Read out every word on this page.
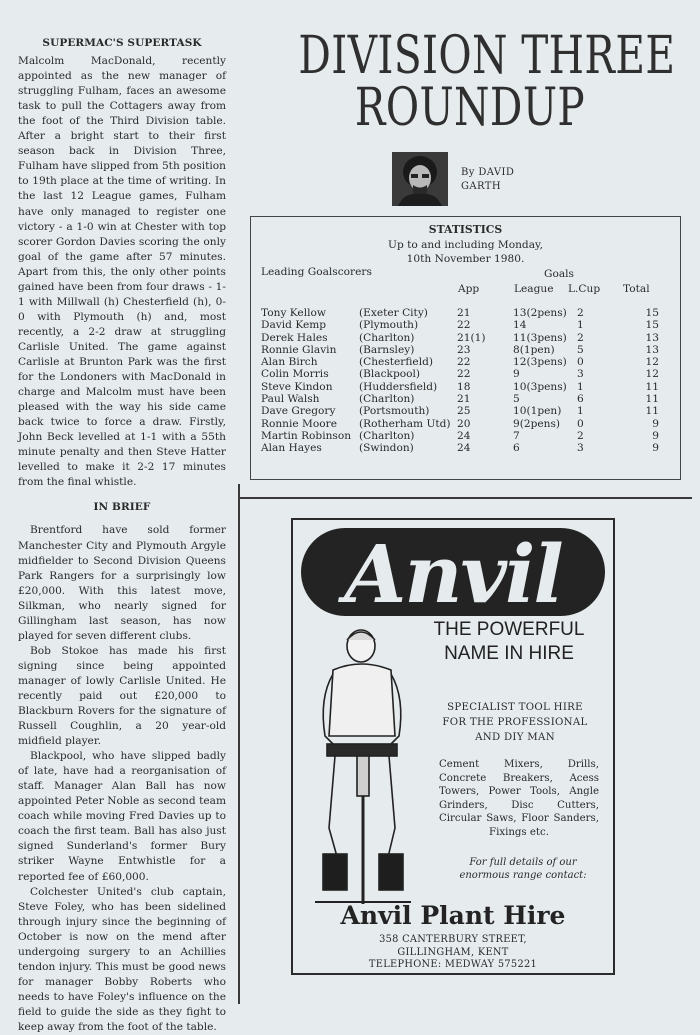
SUPERMAC'S SUPERTASK

Malcolm MacDonald, recently appointed as the new manager of struggling Fulham, faces an awesome task to pull the Cottagers away from the foot of the Third Division table. After a bright start to their first season back in Division Three, Fulham have slipped from 5th position to 19th place at the time of writing. In the last 12 League games, Fulham have only managed to register one victory - a 1-0 win at Chester with top scorer Gordon Davies scoring the only goal of the game after 57 minutes. Apart from this, the only other points gained have been from four draws - 1-1 with Millwall (h) Chesterfield (h), 0-0 with Plymouth (h) and, most recently, a 2-2 draw at struggling Carlisle United. The game against Carlisle at Brunton Park was the first for the Londoners with MacDonald in charge and Malcolm must have been pleased with the way his side came back twice to force a draw. Firstly, John Beck levelled at 1-1 with a 55th minute penalty and then Steve Hatter levelled to make it 2-2 17 minutes from the final whistle.

IN BRIEF

Brentford have sold former Manchester City and Plymouth Argyle midfielder to Second Division Queens Park Rangers for a surprisingly low £20,000. With this latest move, Silkman, who nearly signed for Gillingham last season, has now played for seven different clubs.

Bob Stokoe has made his first signing since being appointed manager of lowly Carlisle United. He recently paid out £20,000 to Blackburn Rovers for the signature of Russell Coughlin, a 20 year-old midfield player.

Blackpool, who have slipped badly of late, have had a reorganisation of staff. Manager Alan Ball has now appointed Peter Noble as second team coach while moving Fred Davies up to coach the first team. Ball has also just signed Sunderland's former Bury striker Wayne Entwhistle for a reported fee of £60,000.

Colchester United's club captain, Steve Foley, who has been sidelined through injury since the beginning of October is now on the mend after undergoing surgery to an Achillies tendon injury. This must be good news for manager Bobby Roberts who needs to have Foley's influence on the field to guide the side as they fight to keep away from the foot of the table.

DIVISION THREE
ROUNDUP
By DAVID
GARTH
STATISTICS
Up to and including Monday,
10th November 1980.
Leading Goalscorers	Goals
App	League L.Cup Total
Tony Kellow	(Exeter City)	21	13(2pens)	2	15
David Kemp	(Plymouth)	22	14	1	15
Derek Hales	(Charlton)	21(1)	11(3pens)	2	13
Ronnie Glavin	(Barnsley)	23	8(1pen)	5	13
Alan Birch	(Chesterfield)	22	12(3pens)	0	12
Colin Morris	(Blackpool)	22	9	3	12
Steve Kindon	(Huddersfield)	18	10(3pens)	1	11
Paul Walsh	(Charlton)	21	5	6	11
Dave Gregory	(Portsmouth)	25	10(1pen)	1	11
Ronnie Moore	(Rotherham Utd)	20	9(2pens)	0	9
Martin Robinson	(Charlton)	24	7	2	9
Alan Hayes	(Swindon)	24	6	3	9
Anvil
THE POWERFUL
NAME IN HIRE
SPECIALIST TOOL HIRE
FOR THE PROFESSIONAL
AND DIY MAN
Cement Mixers, Drills,
Concrete Breakers, Acess
Towers, Power Tools, Angle
Grinders, Disc Cutters,
Circular Saws, Floor Sanders,
Fixings etc.
For full details of our
enormous range contact:
Anvil Plant Hire
358 CANTERBURY STREET,
GILLINGHAM, KENT
TELEPHONE: MEDWAY 575221
